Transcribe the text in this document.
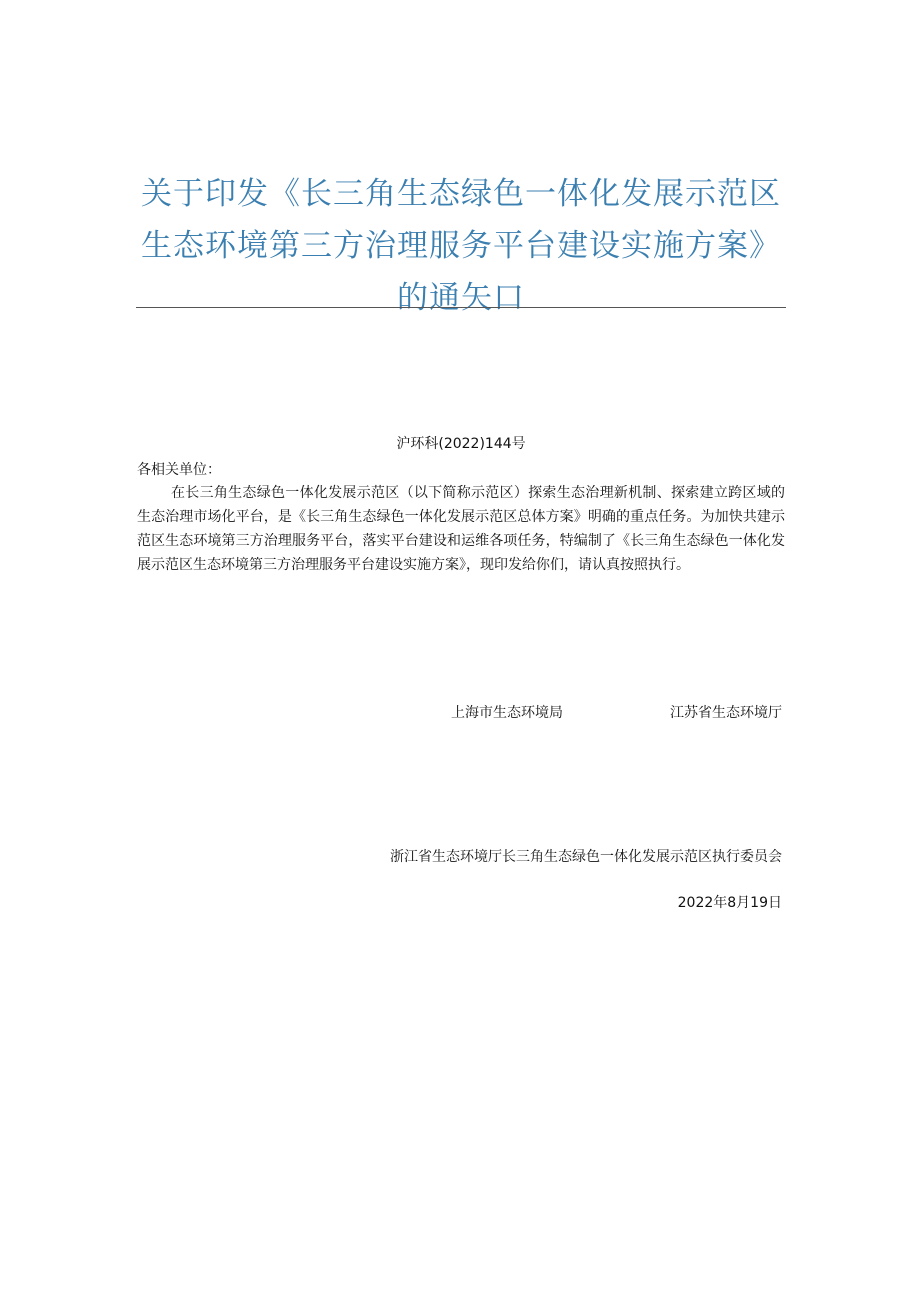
关于印发《长三角生态绿色一体化发展示范区生态环境第三方治理服务平台建设实施方案》的通矢口
沪环科(2022)144号
各相关单位：

在长三角生态绿色一体化发展示范区（以下简称示范区）探索生态治理新机制、探索建立跨区域的生态治理市场化平台，是《长三角生态绿色一体化发展示范区总体方案》明确的重点任务。为加快共建示范区生态环境第三方治理服务平台，落实平台建设和运维各项任务，特编制了《长三角生态绿色一体化发展示范区生态环境第三方治理服务平台建设实施方案》，现印发给你们，请认真按照执行。

上海市生态环境局	江苏省生态环境厅
浙江省生态环境厅长三角生态绿色一体化发展示范区执行委员会
2022年8月19日
